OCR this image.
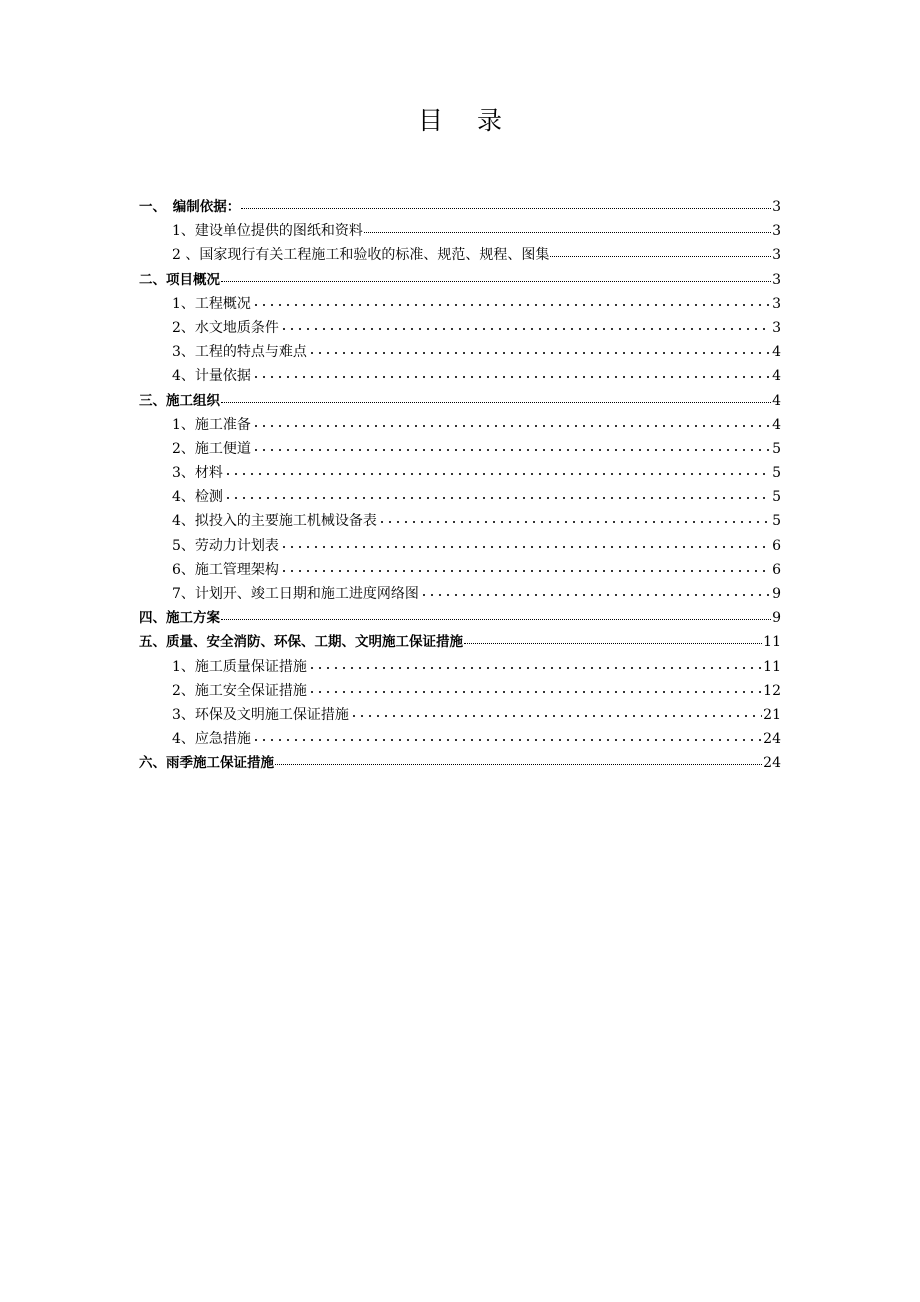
目 录
一、　编制依据：	3
1、建设单位提供的图纸和资料	3
2 、国家现行有关工程施工和验收的标准、规范、规程、图集	3
二、项目概况	3
1、工程概况	3
2、水文地质条件	3
3、工程的特点与难点	4
4、计量依据	4
三、施工组织	4
1、施工准备	4
2、施工便道	5
3、材料	5
4、检测	5
4、拟投入的主要施工机械设备表	5
5、劳动力计划表	6
6、施工管理架构	6
7、计划开、竣工日期和施工进度网络图	9
四、施工方案	9
五、质量、安全消防、环保、工期、文明施工保证措施	11
1、施工质量保证措施	11
2、施工安全保证措施	12
3、环保及文明施工保证措施	21
4、应急措施	24
六、雨季施工保证措施	24
